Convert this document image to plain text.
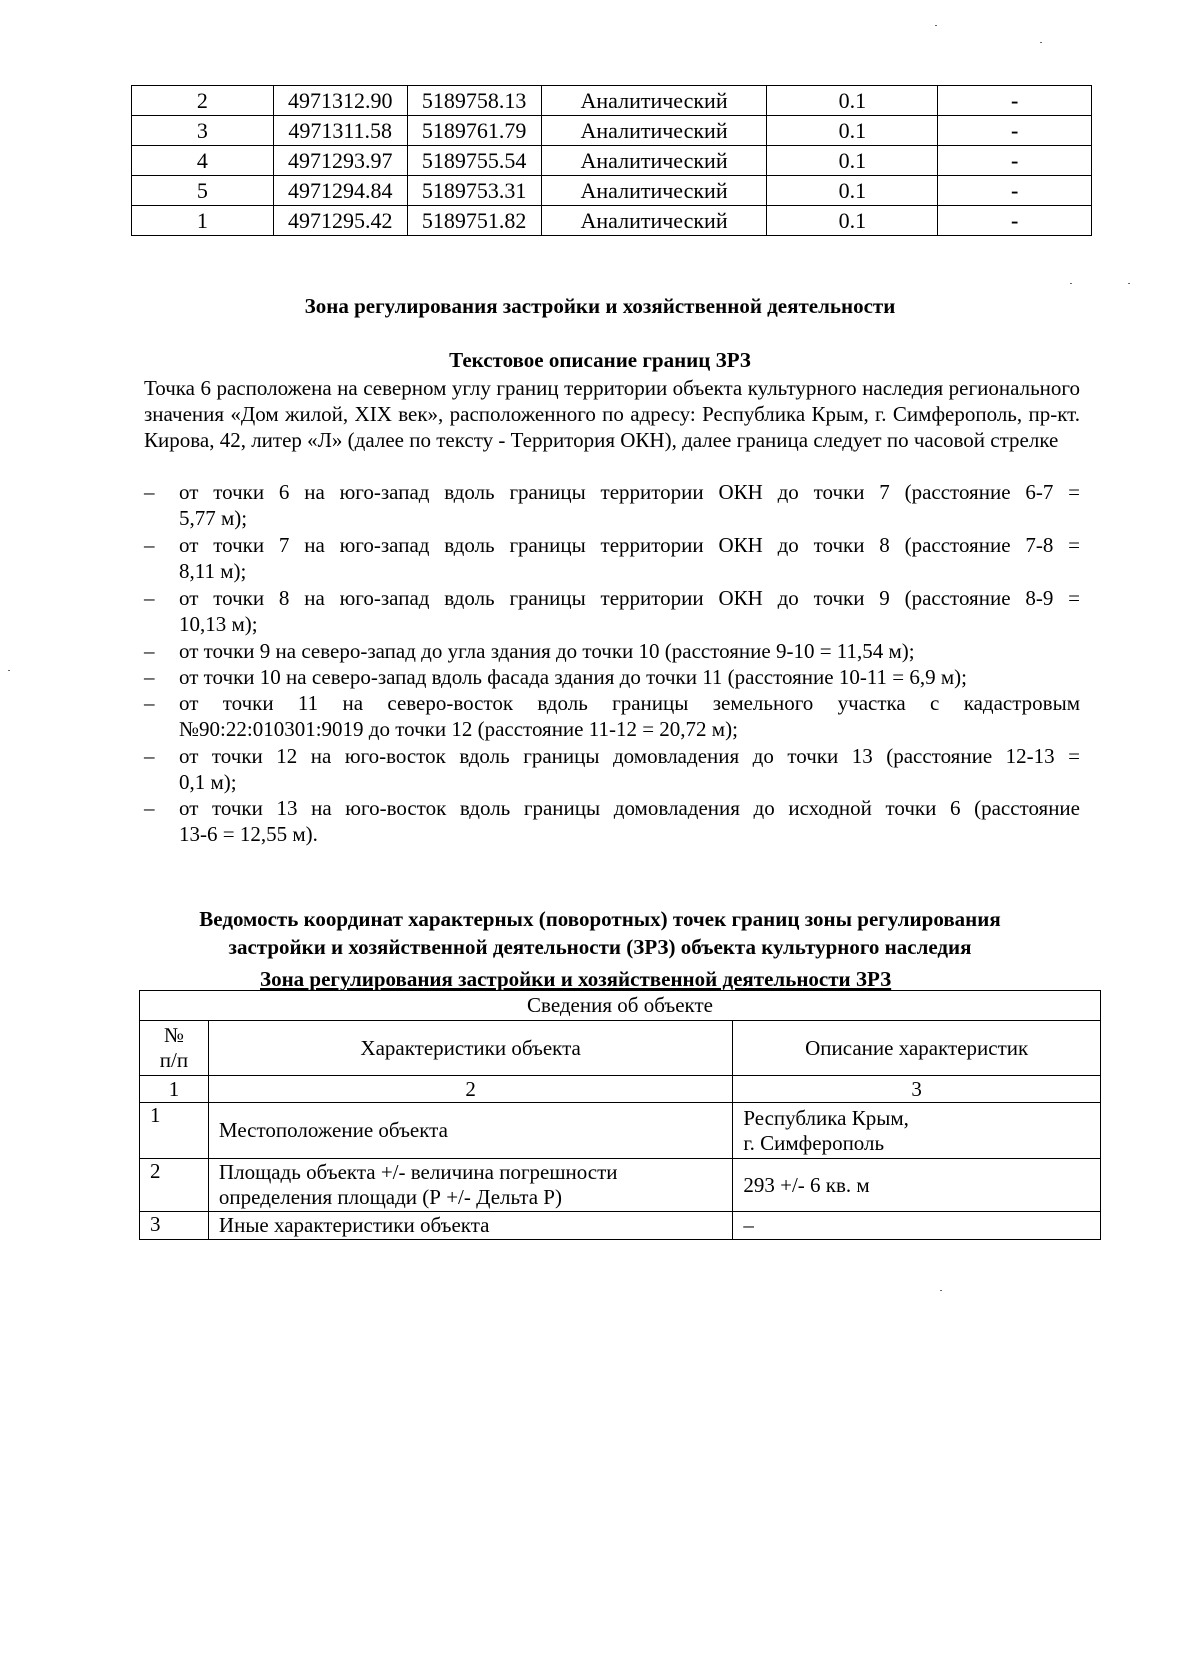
2	4971312.90	5189758.13	Аналитический	0.1	-
3	4971311.58	5189761.79	Аналитический	0.1	-
4	4971293.97	5189755.54	Аналитический	0.1	-
5	4971294.84	5189753.31	Аналитический	0.1	-
1	4971295.42	5189751.82	Аналитический	0.1	-
Зона регулирования застройки и хозяйственной деятельности
Текстовое описание границ ЗРЗ
Точка 6 расположена на северном углу границ территории объекта культурного наследия регионального значения «Дом жилой, XIX век», расположенного по адресу: Республика Крым, г. Симферополь, пр-кт. Кирова, 42, литер «Л» (далее по тексту - Территория ОКН), далее граница следует по часовой стрелке
– от точки 6 на юго-запад вдоль границы территории ОКН до точки 7 (расстояние 6-7 =
5,77 м);
– от точки 7 на юго-запад вдоль границы территории ОКН до точки 8 (расстояние 7-8 =
8,11 м);
– от точки 8 на юго-запад вдоль границы территории ОКН до точки 9 (расстояние 8-9 =
10,13 м);
– от точки 9 на северо-запад до угла здания до точки 10 (расстояние 9-10 = 11,54 м);
– от точки 10 на северо-запад вдоль фасада здания до точки 11 (расстояние 10-11 = 6,9 м);
– от точки 11 на северо-восток вдоль границы земельного участка с кадастровым
№90:22:010301:9019 до точки 12 (расстояние 11-12 = 20,72 м);
– от точки 12 на юго-восток вдоль границы домовладения до точки 13 (расстояние 12-13 =
0,1 м);
– от точки 13 на юго-восток вдоль границы домовладения до исходной точки 6 (расстояние
13-6 = 12,55 м).
Ведомость координат характерных (поворотных) точек границ зоны регулирования
застройки и хозяйственной деятельности (ЗРЗ) объекта культурного наследия
Зона регулирования застройки и хозяйственной деятельности ЗРЗ
Сведения об объекте		

№
п/п	Характеристики объекта	Описание характеристик
1	2	3
1	Местоположение объекта	Республика Крым,
г. Симферополь

2	Площадь объекта +/- величина погрешности
определения площади (Р +/- Дельта Р)	293 +/- 6 кв. м
3	Иные характеристики объекта	–
